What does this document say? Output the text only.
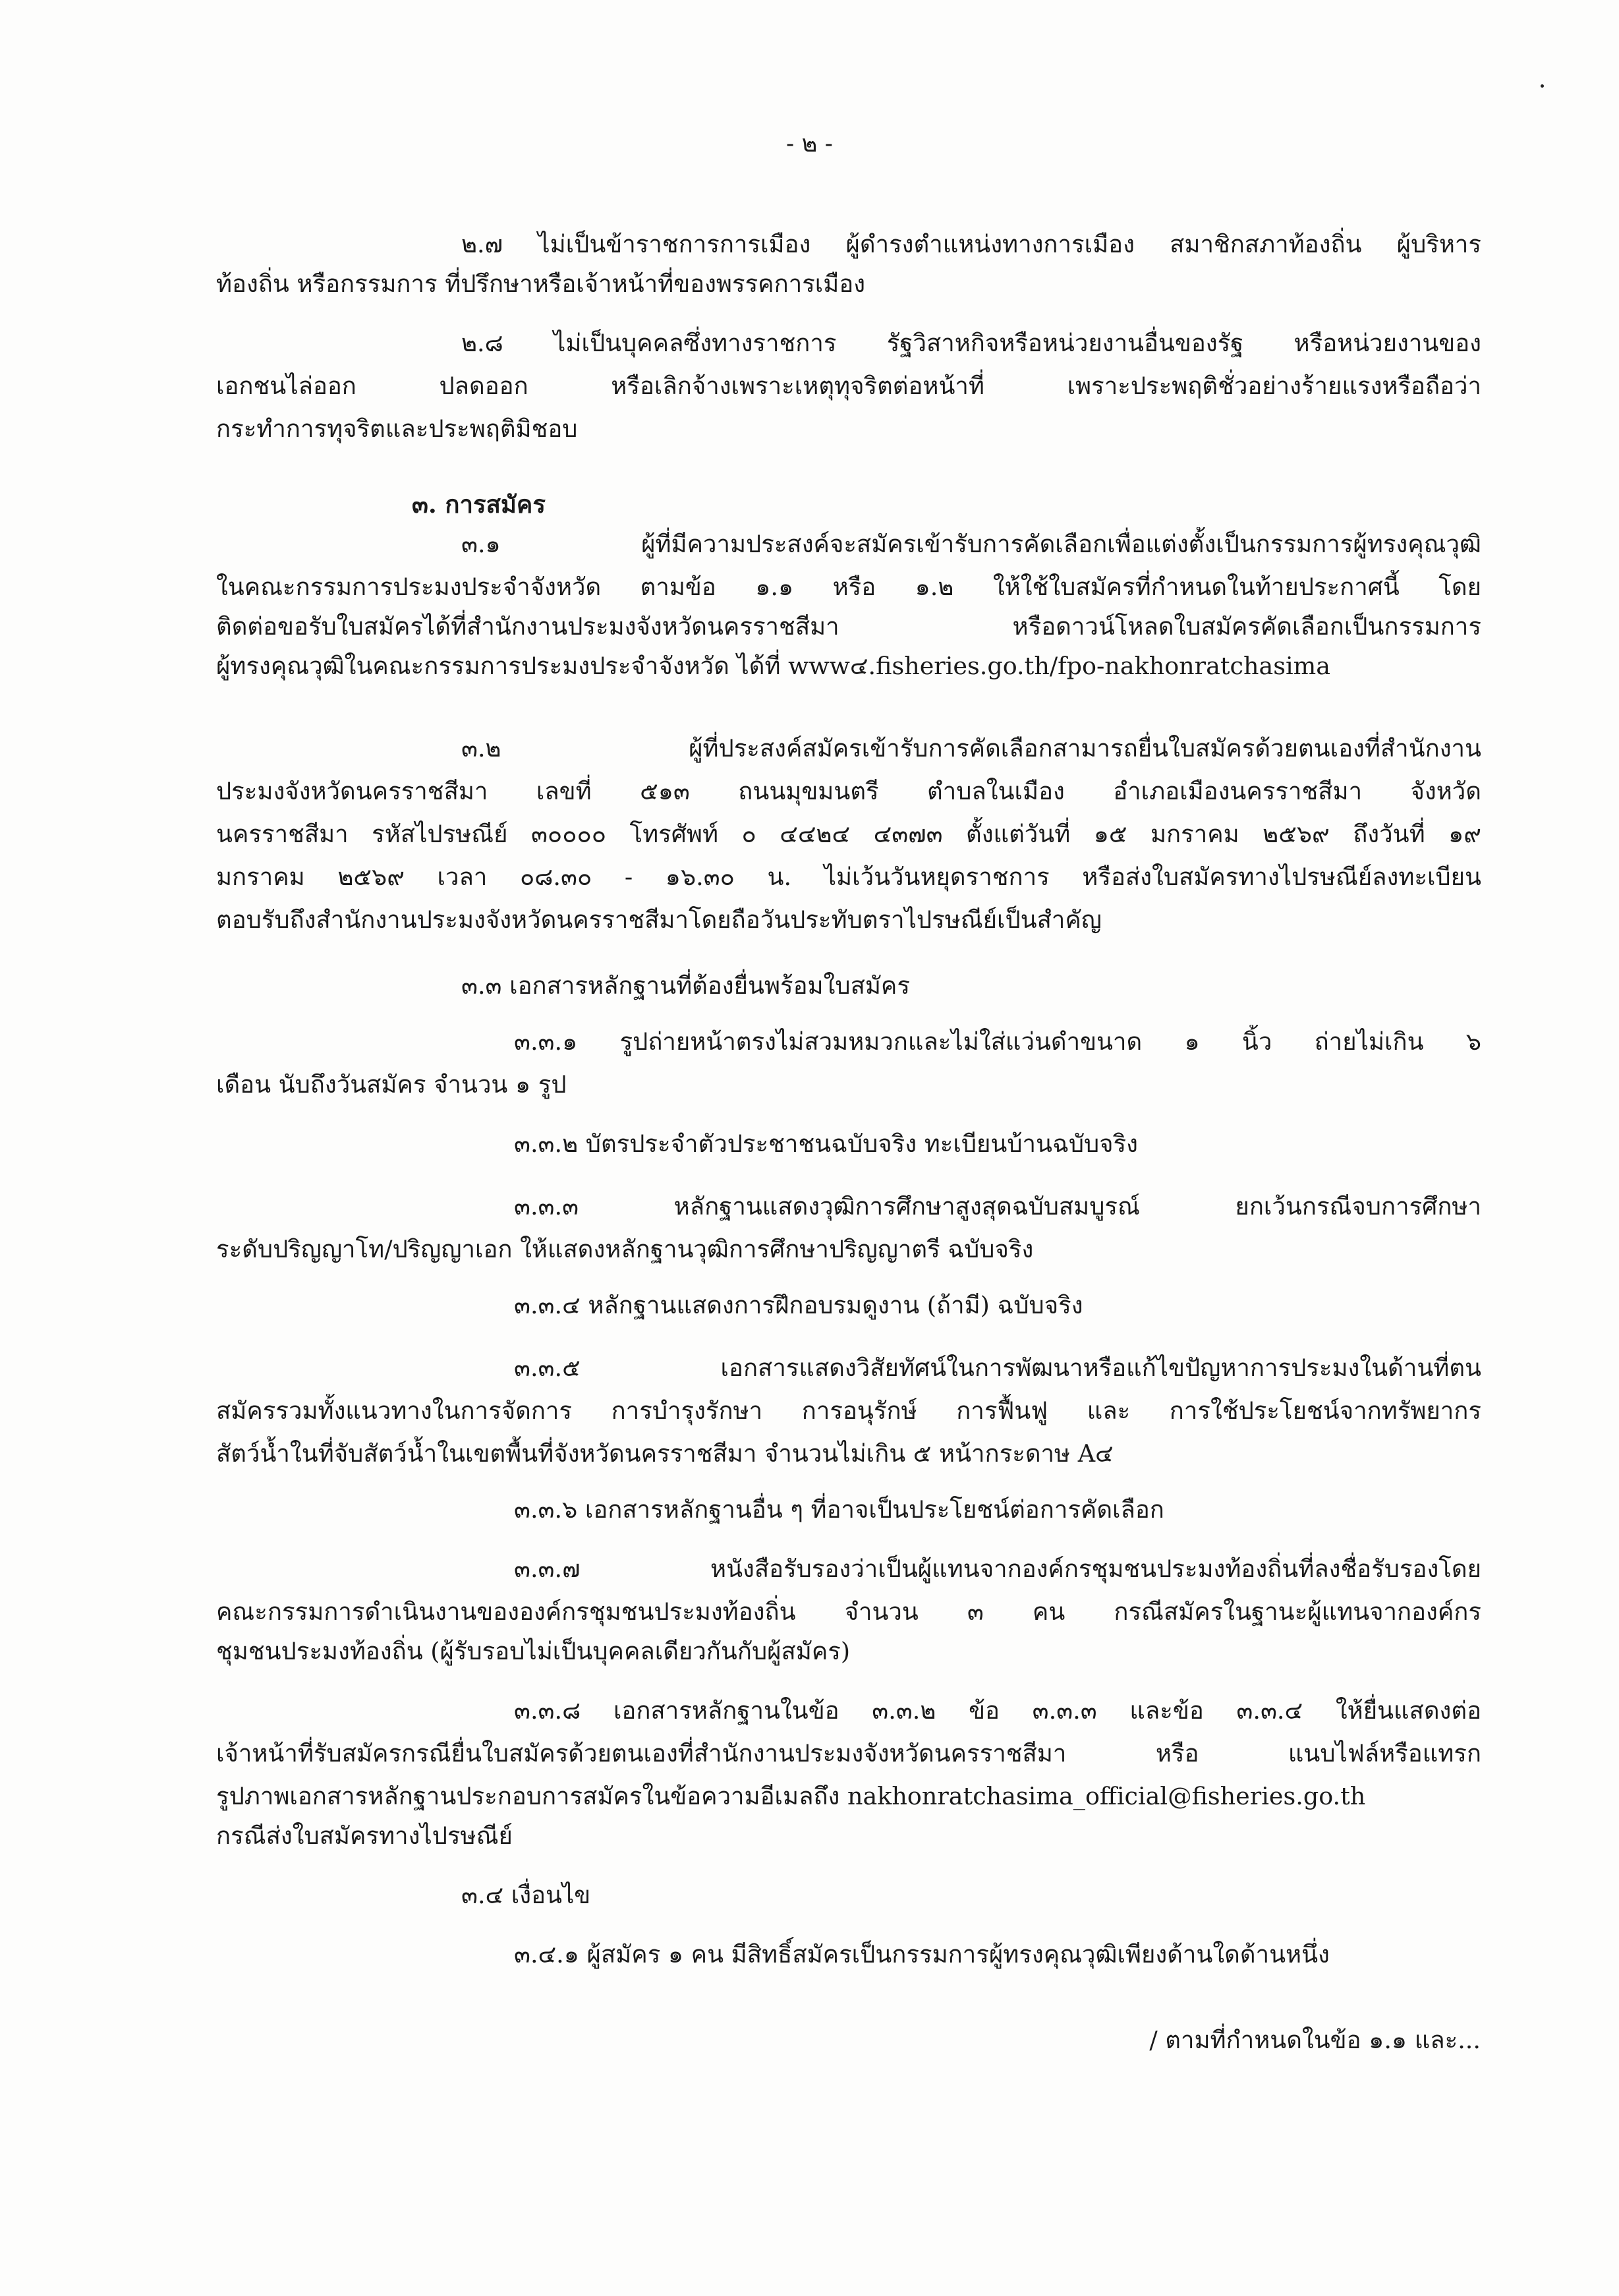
- ๒ -
๒.๗ ไม่เป็นข้าราชการการเมือง ผู้ดำรงตำแหน่งทางการเมือง สมาชิกสภาท้องถิ่น ผู้บริหาร
ท้องถิ่น หรือกรรมการ ที่ปรึกษาหรือเจ้าหน้าที่ของพรรคการเมือง
๒.๘ ไม่เป็นบุคคลซึ่งทางราชการ รัฐวิสาหกิจหรือหน่วยงานอื่นของรัฐ หรือหน่วยงานของ
เอกชนไล่ออก ปลดออก หรือเลิกจ้างเพราะเหตุทุจริตต่อหน้าที่ เพราะประพฤติชั่วอย่างร้ายแรงหรือถือว่า
กระทำการทุจริตและประพฤติมิชอบ
๓. การสมัคร
๓.๑ ผู้ที่มีความประสงค์จะสมัครเข้ารับการคัดเลือกเพื่อแต่งตั้งเป็นกรรมการผู้ทรงคุณวุฒิ
ในคณะกรรมการประมงประจำจังหวัด ตามข้อ ๑.๑ หรือ ๑.๒ ให้ใช้ใบสมัครที่กำหนดในท้ายประกาศนี้ โดย
ติดต่อขอรับใบสมัครได้ที่สำนักงานประมงจังหวัดนครราชสีมา หรือดาวน์โหลดใบสมัครคัดเลือกเป็นกรรมการ
ผู้ทรงคุณวุฒิในคณะกรรมการประมงประจำจังหวัด ได้ที่ www๔.fisheries.go.th/fpo-nakhonratchasima
๓.๒ ผู้ที่ประสงค์สมัครเข้ารับการคัดเลือกสามารถยื่นใบสมัครด้วยตนเองที่สำนักงาน
ประมงจังหวัดนครราชสีมา เลขที่ ๕๑๓ ถนนมุขมนตรี ตำบลในเมือง อำเภอเมืองนครราชสีมา จังหวัด
นครราชสีมา รหัสไปรษณีย์ ๓๐๐๐๐ โทรศัพท์ ๐ ๔๔๒๔ ๔๓๗๓ ตั้งแต่วันที่ ๑๕ มกราคม ๒๕๖๙ ถึงวันที่ ๑๙
มกราคม ๒๕๖๙ เวลา ๐๘.๓๐ - ๑๖.๓๐ น. ไม่เว้นวันหยุดราชการ หรือส่งใบสมัครทางไปรษณีย์ลงทะเบียน
ตอบรับถึงสำนักงานประมงจังหวัดนครราชสีมาโดยถือวันประทับตราไปรษณีย์เป็นสำคัญ
๓.๓ เอกสารหลักฐานที่ต้องยื่นพร้อมใบสมัคร
๓.๓.๑ รูปถ่ายหน้าตรงไม่สวมหมวกและไม่ใส่แว่นดำขนาด ๑ นิ้ว ถ่ายไม่เกิน ๖
เดือน นับถึงวันสมัคร จำนวน ๑ รูป
๓.๓.๒ บัตรประจำตัวประชาชนฉบับจริง ทะเบียนบ้านฉบับจริง
๓.๓.๓ หลักฐานแสดงวุฒิการศึกษาสูงสุดฉบับสมบูรณ์ ยกเว้นกรณีจบการศึกษา
ระดับปริญญาโท/ปริญญาเอก ให้แสดงหลักฐานวุฒิการศึกษาปริญญาตรี ฉบับจริง
๓.๓.๔ หลักฐานแสดงการฝึกอบรมดูงาน (ถ้ามี) ฉบับจริง
๓.๓.๕ เอกสารแสดงวิสัยทัศน์ในการพัฒนาหรือแก้ไขปัญหาการประมงในด้านที่ตน
สมัครรวมทั้งแนวทางในการจัดการ การบำรุงรักษา การอนุรักษ์ การฟื้นฟู และ การใช้ประโยชน์จากทรัพยากร
สัตว์น้ำในที่จับสัตว์น้ำในเขตพื้นที่จังหวัดนครราชสีมา จำนวนไม่เกิน ๕ หน้ากระดาษ A๔
๓.๓.๖ เอกสารหลักฐานอื่น ๆ ที่อาจเป็นประโยชน์ต่อการคัดเลือก
๓.๓.๗ หนังสือรับรองว่าเป็นผู้แทนจากองค์กรชุมชนประมงท้องถิ่นที่ลงชื่อรับรองโดย
คณะกรรมการดำเนินงานขององค์กรชุมชนประมงท้องถิ่น จำนวน ๓ คน กรณีสมัครในฐานะผู้แทนจากองค์กร
ชุมชนประมงท้องถิ่น (ผู้รับรอบไม่เป็นบุคคลเดียวกันกับผู้สมัคร)
๓.๓.๘ เอกสารหลักฐานในข้อ ๓.๓.๒ ข้อ ๓.๓.๓ และข้อ ๓.๓.๔ ให้ยื่นแสดงต่อ
เจ้าหน้าที่รับสมัครกรณียื่นใบสมัครด้วยตนเองที่สำนักงานประมงจังหวัดนครราชสีมา หรือ แนบไฟล์หรือแทรก
รูปภาพเอกสารหลักฐานประกอบการสมัครในข้อความอีเมลถึง nakhonratchasima_official@fisheries.go.th
กรณีส่งใบสมัครทางไปรษณีย์
๓.๔ เงื่อนไข
๓.๔.๑ ผู้สมัคร ๑ คน มีสิทธิ์สมัครเป็นกรรมการผู้ทรงคุณวุฒิเพียงด้านใดด้านหนึ่ง
/ ตามที่กำหนดในข้อ ๑.๑ และ...
